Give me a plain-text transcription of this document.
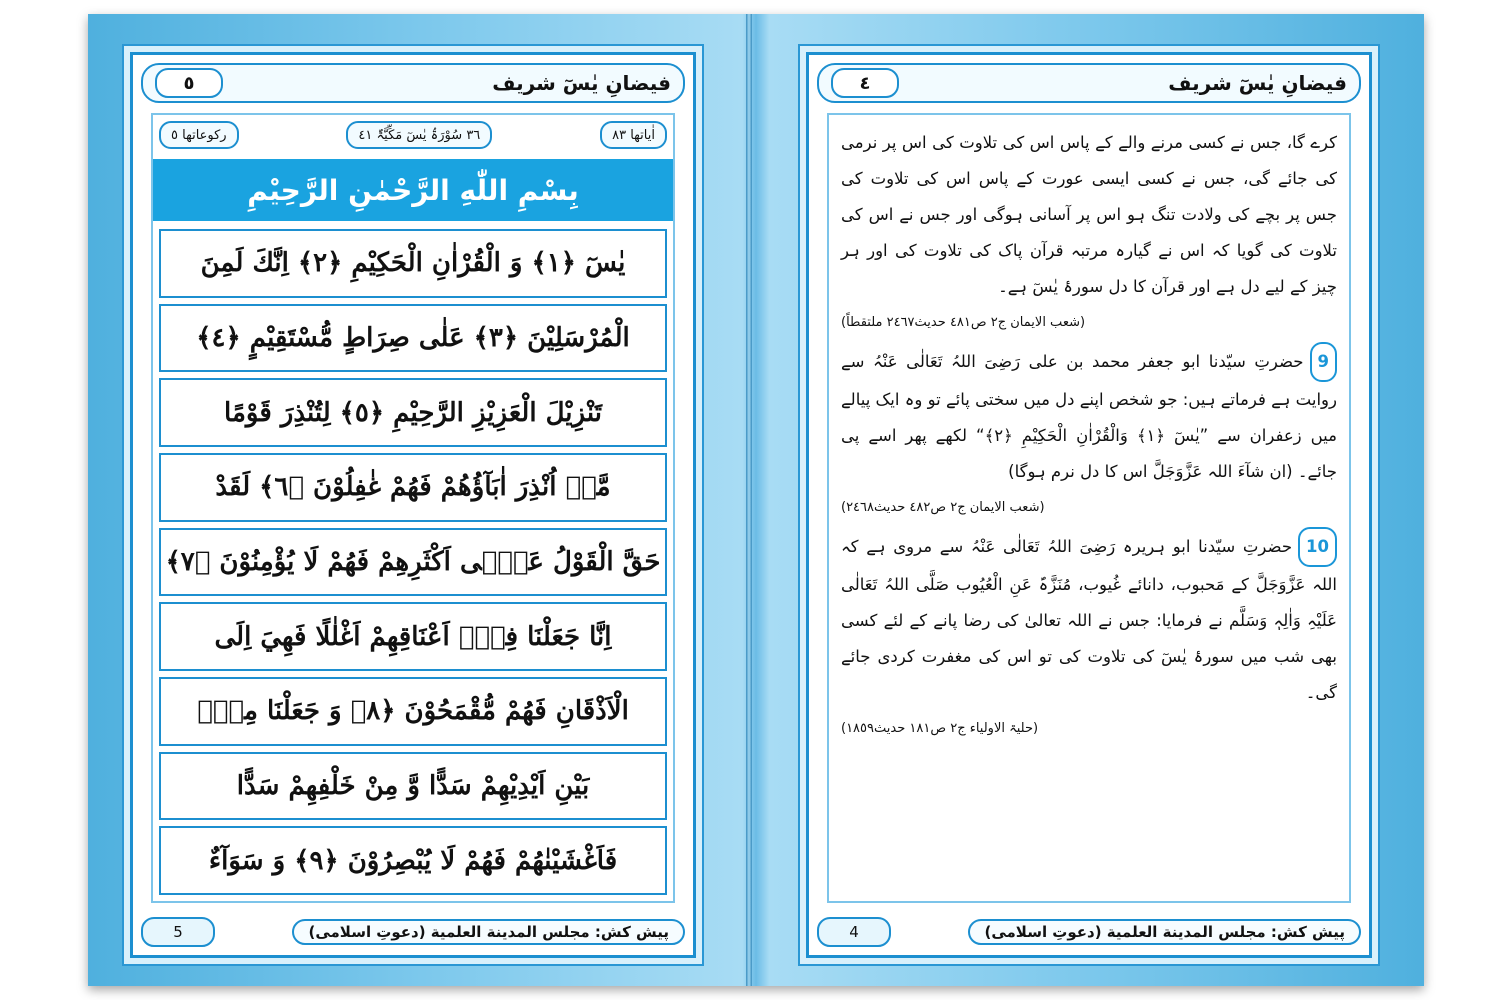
٥	فیضانِ یٰسٓ شریف
رکوعاتھا ٥	٣٦ سُوْرَۃُ یٰسٓ مَکِّیَّۃٌ ٤١	اٰیاتھا ٨٣
بِسْمِ اللّٰهِ الرَّحْمٰنِ الرَّحِيْمِ
يٰسٓ ﴿١﴾ وَ الْقُرْاٰنِ الْحَكِيْمِ ﴿٢﴾ اِنَّكَ لَمِنَ
الْمُرْسَلِيْنَ ﴿٣﴾ عَلٰى صِرَاطٍ مُّسْتَقِيْمٍ ﴿٤﴾
تَنْزِيْلَ الْعَزِيْزِ الرَّحِيْمِ ﴿٥﴾ لِتُنْذِرَ قَوْمًا
مَّاۤ اُنْذِرَ اٰبَآؤُهُمْ فَهُمْ غٰفِلُوْنَ ﴿٦﴾ لَقَدْ
حَقَّ الْقَوْلُ عَلٰۤى اَكْثَرِهِمْ فَهُمْ لَا يُؤْمِنُوْنَ ﴿٧﴾
اِنَّا جَعَلْنَا فِيْۤ اَعْنَاقِهِمْ اَغْلٰلًا فَهِيَ اِلَى
الْاَذْقَانِ فَهُمْ مُّقْمَحُوْنَ ﴿٨﴾ وَ جَعَلْنَا مِنْۢ
بَيْنِ اَيْدِيْهِمْ سَدًّا وَّ مِنْ خَلْفِهِمْ سَدًّا
فَاَغْشَيْنٰهُمْ فَهُمْ لَا يُبْصِرُوْنَ ﴿٩﴾ وَ سَوَآءٌ
5	پیش کش: مجلس المدينة العلمية (دعوتِ اسلامی)
٤	فیضانِ یٰسٓ شریف

کرے گا، جس نے کسی مرنے والے کے پاس اس کی تلاوت کی اس پر نرمی کی جائے گی، جس نے کسی ایسی عورت کے پاس اس کی تلاوت کی جس پر بچے کی ولادت تنگ ہو اس پر آسانی ہوگی اور جس نے اس کی تلاوت کی گویا کہ اس نے گیارہ مرتبہ قرآن پاک کی تلاوت کی اور ہر چیز کے لیے دل ہے اور قرآن کا دل سورۂ یٰسٓ ہے۔

(شعب الایمان ج٢ ص٤٨١ حدیث٢٤٦٧ ملتقطاً)

9حضرتِ سیّدنا ابو جعفر محمد بن علی رَضِیَ اللہُ تَعَالٰی عَنْہُ سے روایت ہے فرماتے ہیں: جو شخص اپنے دل میں سختی پائے تو وہ ایک پیالے میں زعفران سے ”یٰسٓ ﴿١﴾ وَالْقُرْاٰنِ الْحَكِيْمِ ﴿٢﴾“ لکھے پھر اسے پی جائے۔ (ان شآءَ اللہ عَزَّوَجَلَّ اس کا دل نرم ہوگا)

(شعب الایمان ج٢ ص٤٨٢ حدیث٢٤٦٨)

10حضرتِ سیّدنا ابو ہریرہ رَضِیَ اللہُ تَعَالٰی عَنْہُ سے مروی ہے کہ اللہ عَزَّوَجَلَّ کے مَحبوب، دانائے غُیوب، مُنَزَّہٌ عَنِ الْعُیُوب صَلَّی اللہُ تَعَالٰی عَلَیْہِ وَاٰلِہٖ وَسَلَّم نے فرمایا: جس نے اللہ تعالیٰ کی رضا پانے کے لئے کسی بھی شب میں سورۂ یٰسٓ کی تلاوت کی تو اس کی مغفرت کردی جائے گی۔

(حلیۃ الاولیاء ج٢ ص١٨١ حدیث١٨٥٩)
4	پیش کش: مجلس المدينة العلمية (دعوتِ اسلامی)
